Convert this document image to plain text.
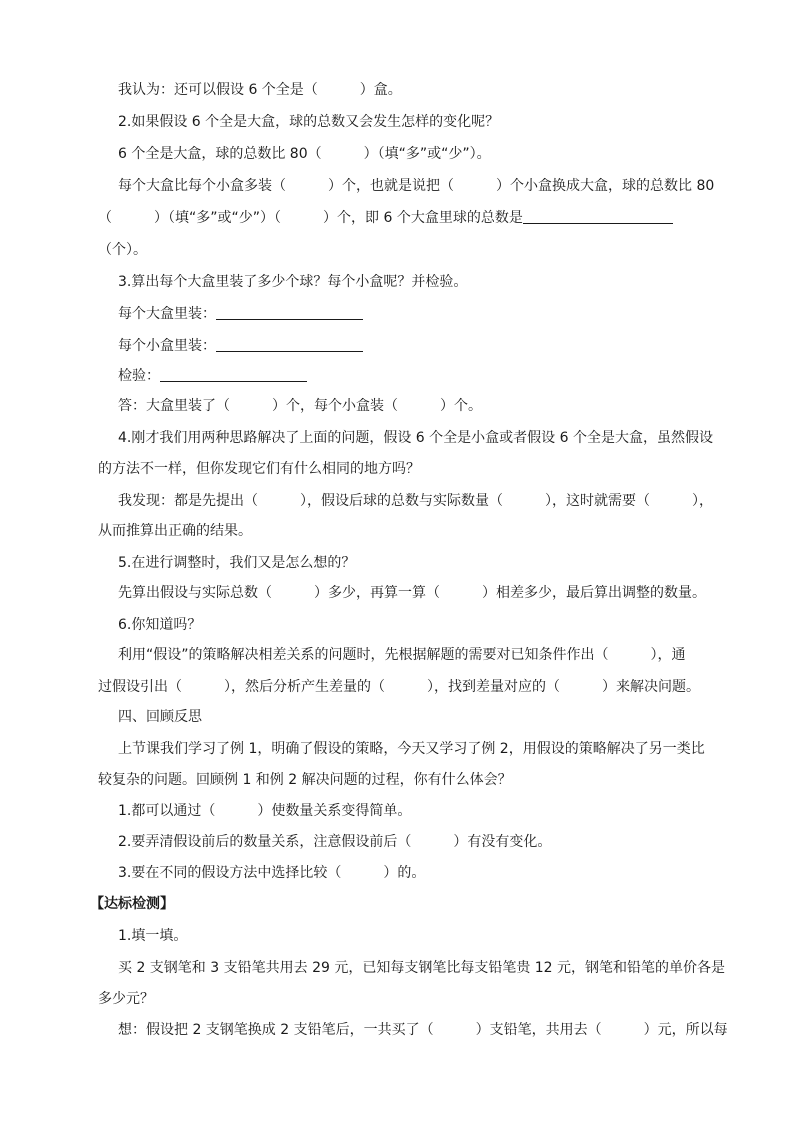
我认为：还可以假设 6 个全是（　　　）盒。
2.如果假设 6 个全是大盒，球的总数又会发生怎样的变化呢？
6 个全是大盒，球的总数比 80（　　　）（填“多”或“少”）。
每个大盒比每个小盒多装（　　　）个，也就是说把（　　　）个小盒换成大盒，球的总数比 80
（　　　）（填“多”或“少”）（　　　）个，即 6 个大盒里球的总数是
（个）。
3.算出每个大盒里装了多少个球？每个小盒呢？并检验。
每个大盒里装：
每个小盒里装：
检验：
答：大盒里装了（　　　）个，每个小盒装（　　　）个。
4.刚才我们用两种思路解决了上面的问题，假设 6 个全是小盒或者假设 6 个全是大盒，虽然假设
的方法不一样，但你发现它们有什么相同的地方吗？
我发现：都是先提出（　　　），假设后球的总数与实际数量（　　　），这时就需要（　　　），
从而推算出正确的结果。
5.在进行调整时，我们又是怎么想的？
先算出假设与实际总数（　　　）多少，再算一算（　　　）相差多少，最后算出调整的数量。
6.你知道吗？
利用“假设”的策略解决相差关系的问题时，先根据解题的需要对已知条件作出（　　　），通
过假设引出（　　　），然后分析产生差量的（　　　），找到差量对应的（　　　）来解决问题。
四、回顾反思
上节课我们学习了例 1，明确了假设的策略，今天又学习了例 2，用假设的策略解决了另一类比
较复杂的问题。回顾例 1 和例 2 解决问题的过程，你有什么体会？
1.都可以通过（　　　）使数量关系变得简单。
2.要弄清假设前后的数量关系，注意假设前后（　　　）有没有变化。
3.要在不同的假设方法中选择比较（　　　）的。
【达标检测】
1.填一填。
买 2 支钢笔和 3 支铅笔共用去 29 元，已知每支钢笔比每支铅笔贵 12 元，钢笔和铅笔的单价各是
多少元？
想：假设把 2 支钢笔换成 2 支铅笔后，一共买了（　　　）支铅笔，共用去（　　　）元，所以每
